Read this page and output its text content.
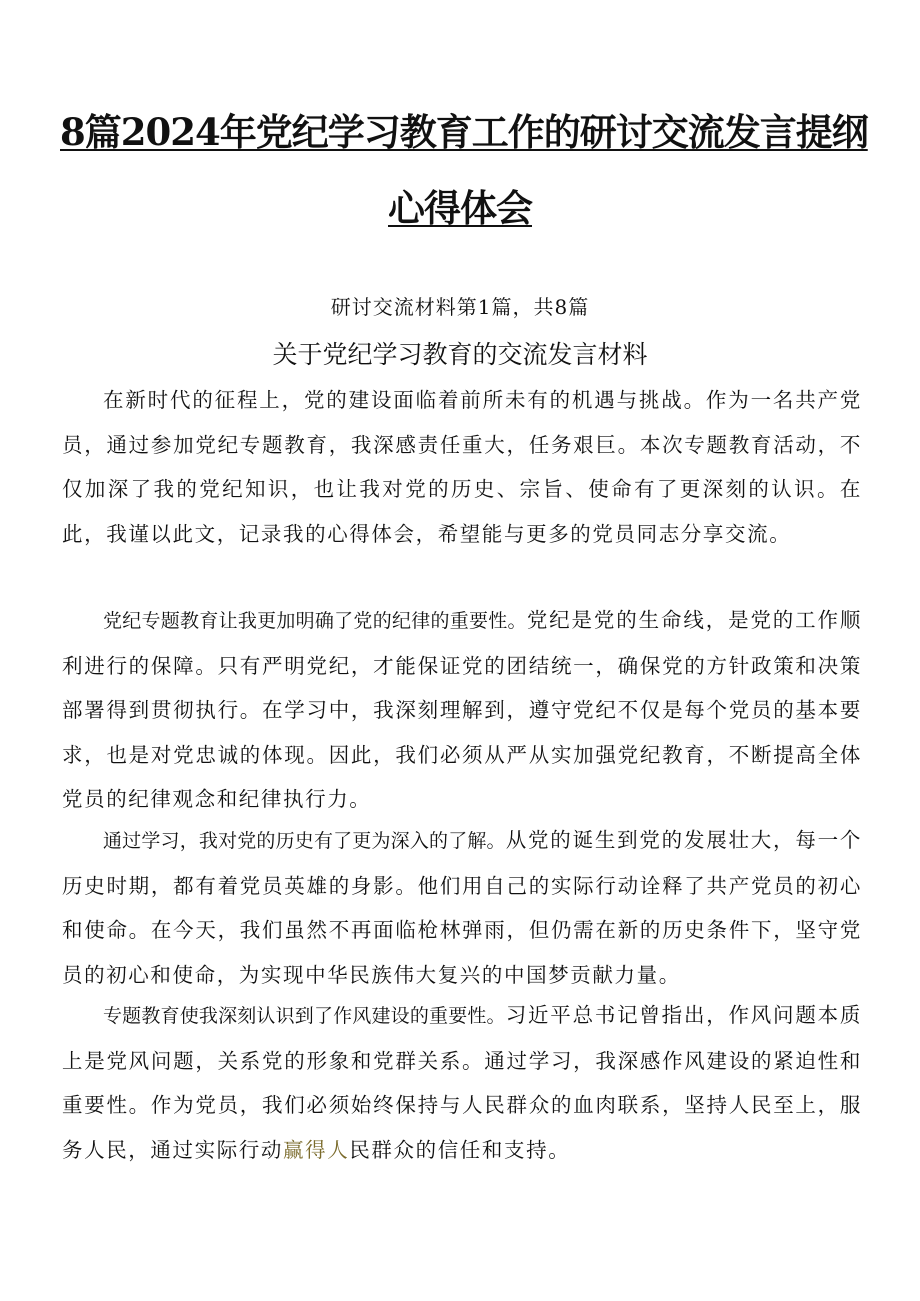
8篇2024年党纪学习教育工作的研讨交流发言提纲
心得体会
研讨交流材料第1篇，共8篇
关于党纪学习教育的交流发言材料

在新时代的征程上，党的建设面临着前所未有的机遇与挑战。作为一名共产党员，通过参加党纪专题教育，我深感责任重大，任务艰巨。本次专题教育活动，不仅加深了我的党纪知识，也让我对党的历史、宗旨、使命有了更深刻的认识。在此，我谨以此文，记录我的心得体会，希望能与更多的党员同志分享交流。

党纪专题教育让我更加明确了党的纪律的重要性。党纪是党的生命线，是党的工作顺利进行的保障。只有严明党纪，才能保证党的团结统一，确保党的方针政策和决策部署得到贯彻执行。在学习中，我深刻理解到，遵守党纪不仅是每个党员的基本要求，也是对党忠诚的体现。因此，我们必须从严从实加强党纪教育，不断提高全体党员的纪律观念和纪律执行力。

通过学习，我对党的历史有了更为深入的了解。从党的诞生到党的发展壮大，每一个历史时期，都有着党员英雄的身影。他们用自己的实际行动诠释了共产党员的初心和使命。在今天，我们虽然不再面临枪林弹雨，但仍需在新的历史条件下，坚守党员的初心和使命，为实现中华民族伟大复兴的中国梦贡献力量。

专题教育使我深刻认识到了作风建设的重要性。习近平总书记曾指出，作风问题本质上是党风问题，关系党的形象和党群关系。通过学习，我深感作风建设的紧迫性和重要性。作为党员，我们必须始终保持与人民群众的血肉联系，坚持人民至上，服务人民，通过实际行动赢得人民群众的信任和支持。
